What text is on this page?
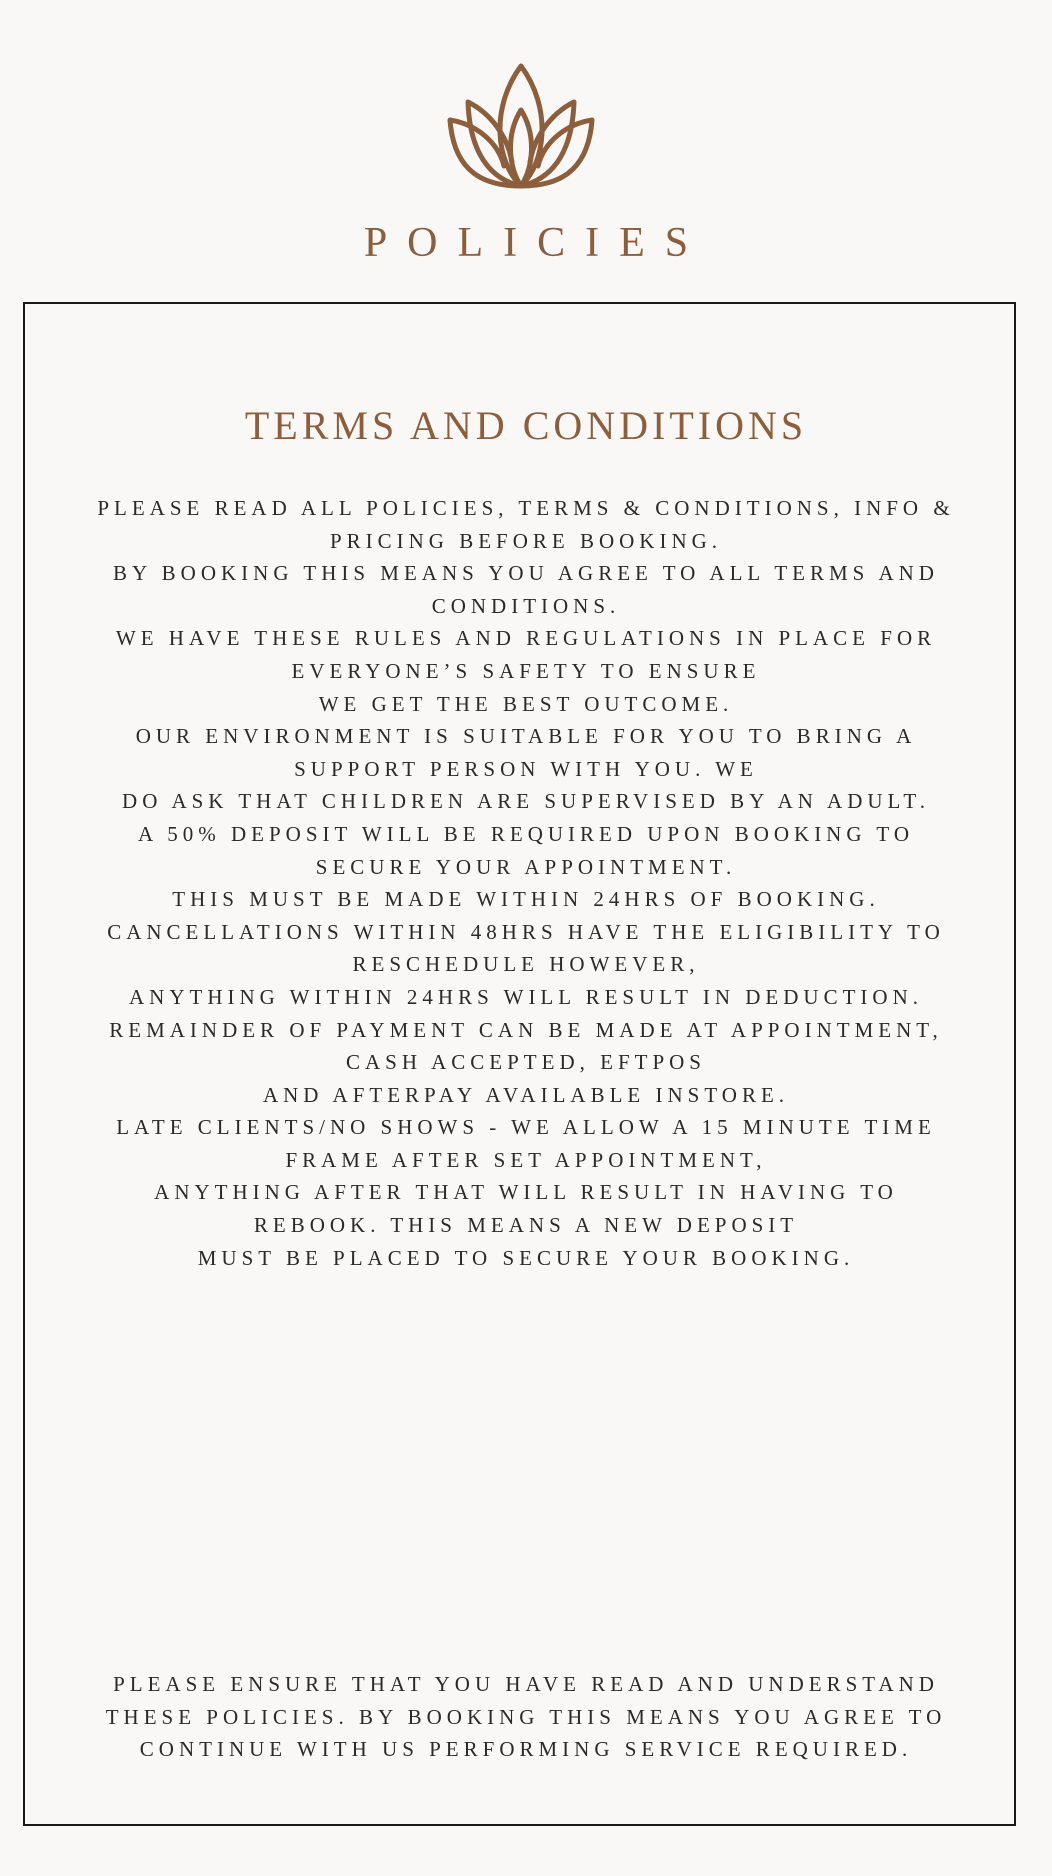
POLICIES
TERMS AND CONDITIONS
PLEASE READ ALL POLICIES, TERMS & CONDITIONS, INFO &
PRICING BEFORE BOOKING.
BY BOOKING THIS MEANS YOU AGREE TO ALL TERMS AND
CONDITIONS.
WE HAVE THESE RULES AND REGULATIONS IN PLACE FOR
EVERYONE’S SAFETY TO ENSURE
WE GET THE BEST OUTCOME.
OUR ENVIRONMENT IS SUITABLE FOR YOU TO BRING A
SUPPORT PERSON WITH YOU. WE
DO ASK THAT CHILDREN ARE SUPERVISED BY AN ADULT.
A 50% DEPOSIT WILL BE REQUIRED UPON BOOKING TO
SECURE YOUR APPOINTMENT.
THIS MUST BE MADE WITHIN 24HRS OF BOOKING.
CANCELLATIONS WITHIN 48HRS HAVE THE ELIGIBILITY TO
RESCHEDULE HOWEVER,
ANYTHING WITHIN 24HRS WILL RESULT IN DEDUCTION.
REMAINDER OF PAYMENT CAN BE MADE AT APPOINTMENT,
CASH ACCEPTED, EFTPOS
AND AFTERPAY AVAILABLE INSTORE.
LATE CLIENTS/NO SHOWS - WE ALLOW A 15 MINUTE TIME
FRAME AFTER SET APPOINTMENT,
ANYTHING AFTER THAT WILL RESULT IN HAVING TO
REBOOK. THIS MEANS A NEW DEPOSIT
MUST BE PLACED TO SECURE YOUR BOOKING.
PLEASE ENSURE THAT YOU HAVE READ AND UNDERSTAND
THESE POLICIES. BY BOOKING THIS MEANS YOU AGREE TO
CONTINUE WITH US PERFORMING SERVICE REQUIRED.
